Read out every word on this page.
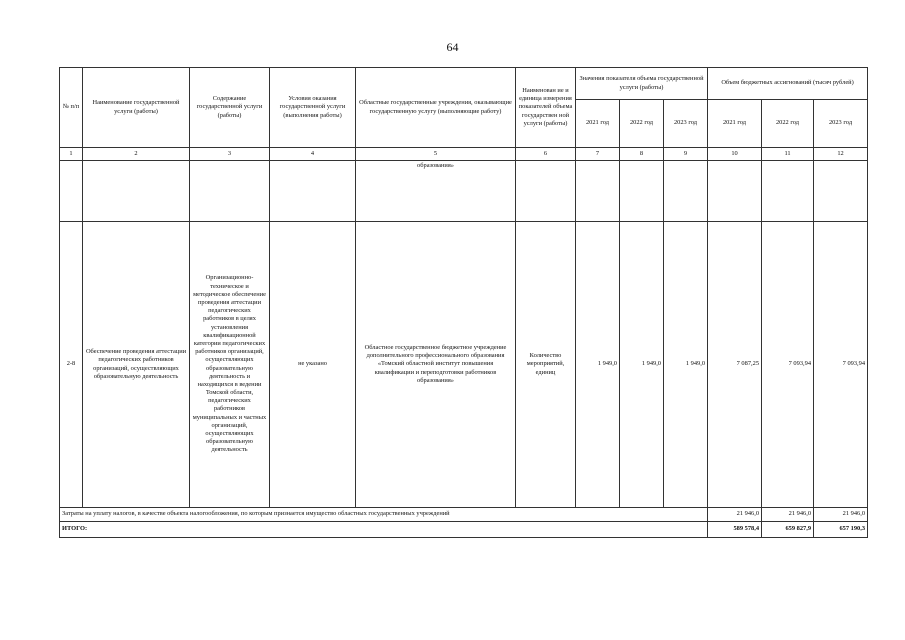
64
№ п/п	Наименование государственной услуги (работы)	Содержание государственной услуги (работы)	Условия оказания государственной услуги (выполнения работы)	Областные государственные учреждения, оказывающие государственную услугу (выполняющие работу)	Наименован ие и единица измерения показателей объема государствен ной услуги (работы)	Значения показателя объема государственной услуги (работы)			Объем бюджетных ассигнований (тысяч рублей)		
						2021 год	2022 год	2023 год	2021 год	2022 год	2023 год
1	2	3	4	5	6	7	8	9	10	11	12
				образования»							
2-8	Обеспечение проведения аттестации педагогических работников организаций, осуществляющих образовательную деятельность	Организационно-техническое и методическое обеспечение проведения аттестации педагогических работников в целях установления квалификационной категории педагогических работников организаций, осуществляющих образовательную деятельность и находящихся в ведении Томской области, педагогических работников муниципальных и частных организаций, осуществляющих образовательную деятельность	не указано	Областное государственное бюджетное учреждение дополнительного профессионального образования «Томский областной институт повышения квалификации и переподготовки работников образования»	Количество мероприятий, единиц	1 949,0	1 949,0	1 949,0	7 087,25	7 093,94	7 093,94
Затраты на уплату налогов, в качестве объекта налогообложения, по которым признается имущество областных государственных учреждений									21 946,0	21 946,0	21 946,0
ИТОГО:									589 578,4	659 827,9	657 190,3
